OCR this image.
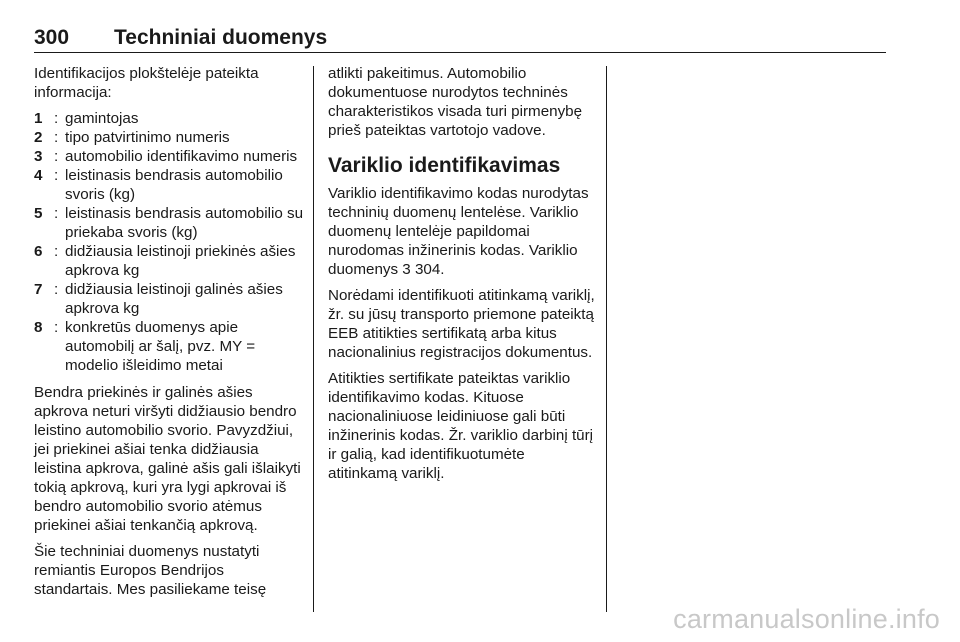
300 Techniniai duomenys

Identifikacijos plokštelėje pateikta informacija:

1 : gamintojas
2 : tipo patvirtinimo numeris
3 : automobilio identifikavimo numeris
4 : leistinasis bendrasis automobilio svoris (kg)
5 : leistinasis bendrasis automobilio su priekaba svoris (kg)
6 : didžiausia leistinoji priekinės ašies apkrova kg
7 : didžiausia leistinoji galinės ašies apkrova kg
8 : konkretūs duomenys apie automobilį ar šalį, pvz. MY = modelio išleidimo metai

Bendra priekinės ir galinės ašies apkrova neturi viršyti didžiausio bendro leistino automobilio svorio. Pavyzdžiui, jei priekinei ašiai tenka didžiausia leistina apkrova, galinė ašis gali išlaikyti tokią apkrovą, kuri yra lygi apkrovai iš bendro automobilio svorio atėmus priekinei ašiai tenkančią apkrovą.

Šie techniniai duomenys nustatyti remiantis Europos Bendrijos standartais. Mes pasiliekame teisę

atlikti pakeitimus. Automobilio dokumentuose nurodytos techninės charakteristikos visada turi pirmenybę prieš pateiktas vartotojo vadove.

Variklio identifikavimas

Variklio identifikavimo kodas nurodytas techninių duomenų lentelėse. Variklio duomenų lentelėje papildomai nurodomas inžinerinis kodas. Variklio duomenys 3 304.

Norėdami identifikuoti atitinkamą variklį, žr. su jūsų transporto priemone pateiktą EEB atitikties sertifikatą arba kitus nacionalinius registracijos dokumentus.

Atitikties sertifikate pateiktas variklio identifikavimo kodas. Kituose nacionaliniuose leidiniuose gali būti inžinerinis kodas. Žr. variklio darbinį tūrį ir galią, kad identifikuotumėte atitinkamą variklį.

carmanualsonline.info
